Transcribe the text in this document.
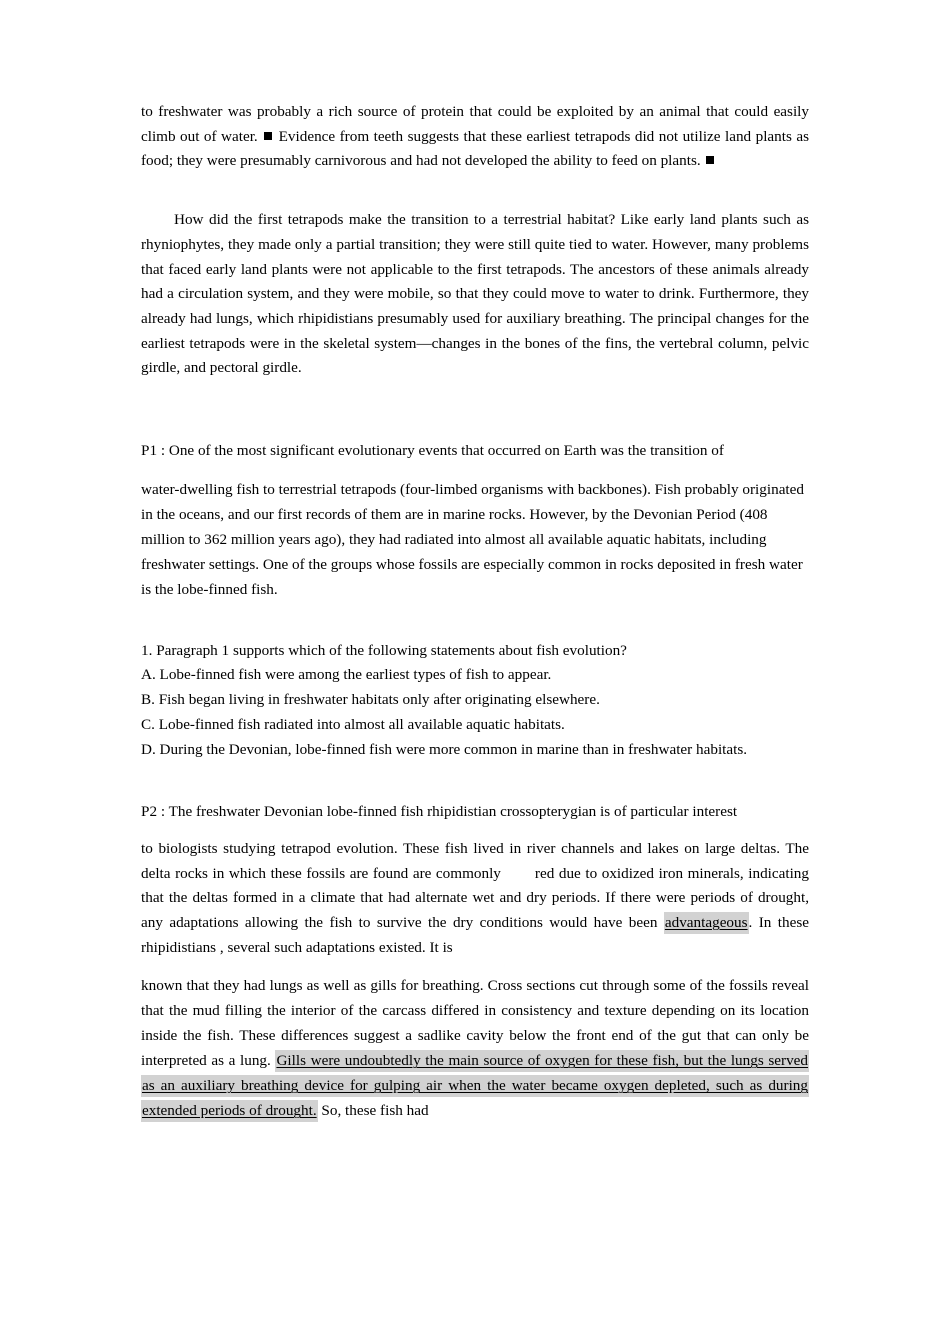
to freshwater was probably a rich source of protein that could be exploited by an animal that could easily climb out of water. Evidence from teeth suggests that these earliest tetrapods did not utilize land plants as food; they were presumably carnivorous and had not developed the ability to feed on plants.

How did the first tetrapods make the transition to a terrestrial habitat? Like early land plants such as rhyniophytes, they made only a partial transition; they were still quite tied to water. However, many problems that faced early land plants were not applicable to the first tetrapods. The ancestors of these animals already had a circulation system, and they were mobile, so that they could move to water to drink. Furthermore, they already had lungs, which rhipidistians presumably used for auxiliary breathing. The principal changes for the earliest tetrapods were in the skeletal system—changes in the bones of the fins, the vertebral column, pelvic girdle, and pectoral girdle.

P1 : One of the most significant evolutionary events that occurred on Earth was the transition of

water-dwelling fish to terrestrial tetrapods (four-limbed organisms with backbones). Fish probably originated in the oceans, and our first records of them are in marine rocks. However, by the Devonian Period (408 million to 362 million years ago), they had radiated into almost all available aquatic habitats, including freshwater settings. One of the groups whose fossils are especially common in rocks deposited in fresh water is the lobe-finned fish.

1. Paragraph 1 supports which of the following statements about fish evolution?

A. Lobe-finned fish were among the earliest types of fish to appear.

B. Fish began living in freshwater habitats only after originating elsewhere.

C. Lobe-finned fish radiated into almost all available aquatic habitats.

D. During the Devonian, lobe-finned fish were more common in marine than in freshwater habitats.

P2 : The freshwater Devonian lobe-finned fish rhipidistian crossopterygian is of particular interest

to biologists studying tetrapod evolution. These fish lived in river channels and lakes on large deltas. The delta rocks in which these fossils are found are commonly red due to oxidized iron minerals, indicating that the deltas formed in a climate that had alternate wet and dry periods. If there were periods of drought, any adaptations allowing the fish to survive the dry conditions would have been advantageous. In these rhipidistians , several such adaptations existed. It is

known that they had lungs as well as gills for breathing. Cross sections cut through some of the fossils reveal that the mud filling the interior of the carcass differed in consistency and texture depending on its location inside the fish. These differences suggest a sadlike cavity below the front end of the gut that can only be interpreted as a lung. Gills were undoubtedly the main source of oxygen for these fish, but the lungs served as an auxiliary breathing device for gulping air when the water became oxygen depleted, such as during extended periods of drought. So, these fish had
